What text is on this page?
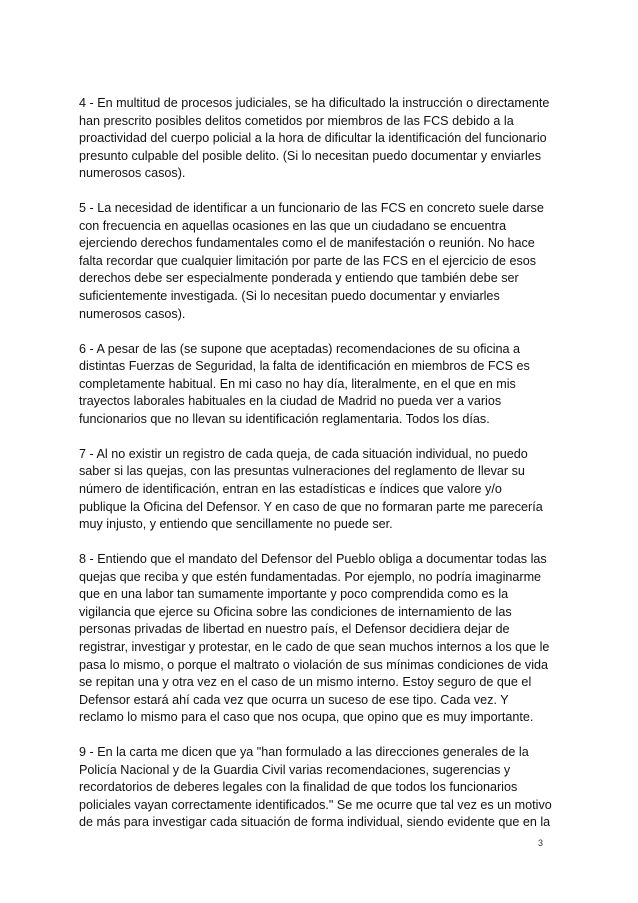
4 - En multitud de procesos judiciales, se ha dificultado la instrucción o directamente
han prescrito posibles delitos cometidos por miembros de las FCS debido a la
proactividad del cuerpo policial a la hora de dificultar la identificación del funcionario
presunto culpable del posible delito. (Si lo necesitan puedo documentar y enviarles
numerosos casos).

5 - La necesidad de identificar a un funcionario de las FCS en concreto suele darse
con frecuencia en aquellas ocasiones en las que un ciudadano se encuentra
ejerciendo derechos fundamentales como el de manifestación o reunión. No hace
falta recordar que cualquier limitación por parte de las FCS en el ejercicio de esos
derechos debe ser especialmente ponderada y entiendo que también debe ser
suficientemente investigada. (Si lo necesitan puedo documentar y enviarles
numerosos casos).

6 - A pesar de las (se supone que aceptadas) recomendaciones de su oficina a
distintas Fuerzas de Seguridad, la falta de identificación en miembros de FCS es
completamente habitual. En mi caso no hay día, literalmente, en el que en mis
trayectos laborales habituales en la ciudad de Madrid no pueda ver a varios
funcionarios que no llevan su identificación reglamentaria. Todos los días.

7 - Al no existir un registro de cada queja, de cada situación individual, no puedo
saber si las quejas, con las presuntas vulneraciones del reglamento de llevar su
número de identificación, entran en las estadísticas e índices que valore y/o
publique la Oficina del Defensor. Y en caso de que no formaran parte me parecería
muy injusto, y entiendo que sencillamente no puede ser.

8 - Entiendo que el mandato del Defensor del Pueblo obliga a documentar todas las
quejas que reciba y que estén fundamentadas. Por ejemplo, no podría imaginarme
que en una labor tan sumamente importante y poco comprendida como es la
vigilancia que ejerce su Oficina sobre las condiciones de internamiento de las
personas privadas de libertad en nuestro país, el Defensor decidiera dejar de
registrar, investigar y protestar, en le cado de que sean muchos internos a los que le
pasa lo mismo, o porque el maltrato o violación de sus mínimas condiciones de vida
se repitan una y otra vez en el caso de un mismo interno. Estoy seguro de que el
Defensor estará ahí cada vez que ocurra un suceso de ese tipo. Cada vez. Y
reclamo lo mismo para el caso que nos ocupa, que opino que es muy importante.

9 - En la carta me dicen que ya "han formulado a las direcciones generales de la
Policía Nacional y de la Guardia Civil varias recomendaciones, sugerencias y
recordatorios de deberes legales con la finalidad de que todos los funcionarios
policiales vayan correctamente identificados." Se me ocurre que tal vez es un motivo
de más para investigar cada situación de forma individual, siendo evidente que en la

3
